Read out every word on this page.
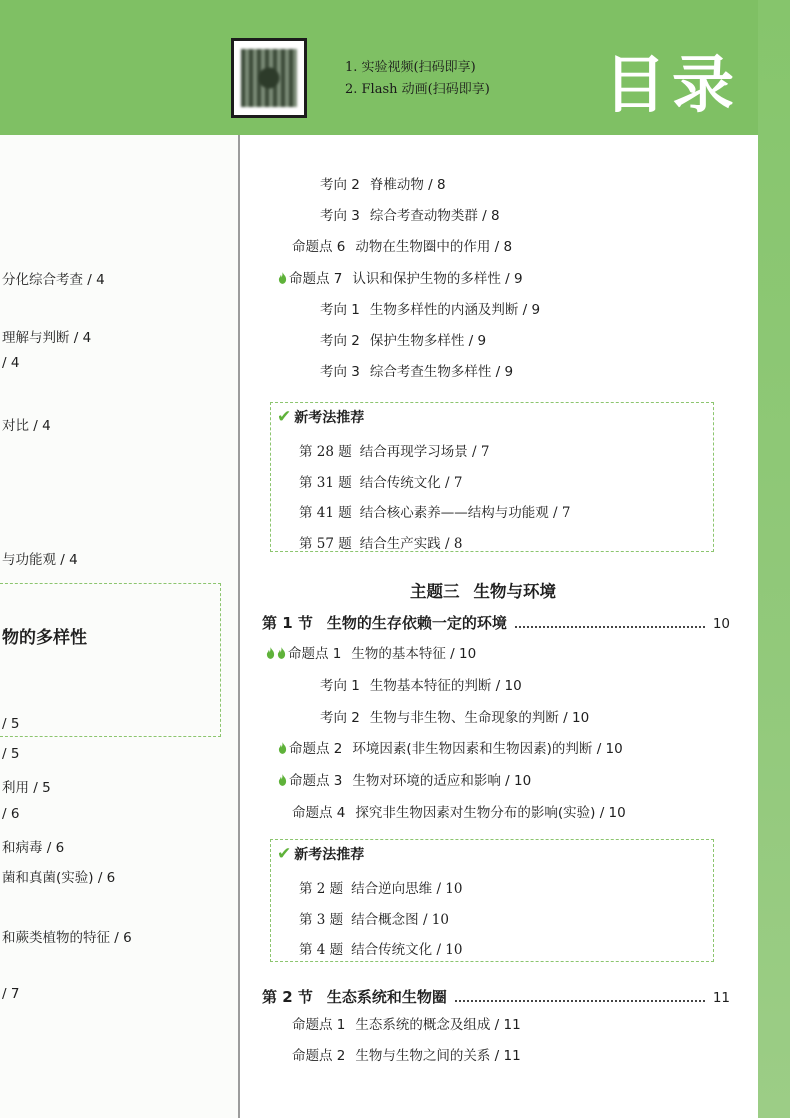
1. 实验视频(扫码即享)
2. Flash 动画(扫码即享) 目录
分化综合考查 / 4
理解与判断 / 4
/ 4
对比 / 4
与功能观 / 4
物的多样性
/ 5
/ 5
利用 / 5
/ 6
和病毒 / 6
菌和真菌(实验) / 6
和蕨类植物的特征 / 6
/ 7
考向 2 脊椎动物 / 8
考向 3 综合考查动物类群 / 8
命题点 6 动物在生物圈中的作用 / 8
命题点 7 认识和保护生物的多样性 / 9
考向 1 生物多样性的内涵及判断 / 9
考向 2 保护生物多样性 / 9
考向 3 综合考查生物多样性 / 9
✔ 新考法推荐
第 28 题 结合再现学习场景 / 7
第 31 题 结合传统文化 / 7
第 41 题 结合核心素养——结构与功能观 / 7
第 57 题 结合生产实践 / 8
主题三 生物与环境
第 1 节 生物的生存依赖一定的环境	10
命题点 1 生物的基本特征 / 10
考向 1 生物基本特征的判断 / 10
考向 2 生物与非生物、生命现象的判断 / 10
命题点 2 环境因素(非生物因素和生物因素)的判断 / 10
命题点 3 生物对环境的适应和影响 / 10
命题点 4 探究非生物因素对生物分布的影响(实验) / 10
✔ 新考法推荐
第 2 题 结合逆向思维 / 10
第 3 题 结合概念图 / 10
第 4 题 结合传统文化 / 10
第 2 节 生态系统和生物圈	11
命题点 1 生态系统的概念及组成 / 11
命题点 2 生物与生物之间的关系 / 11
